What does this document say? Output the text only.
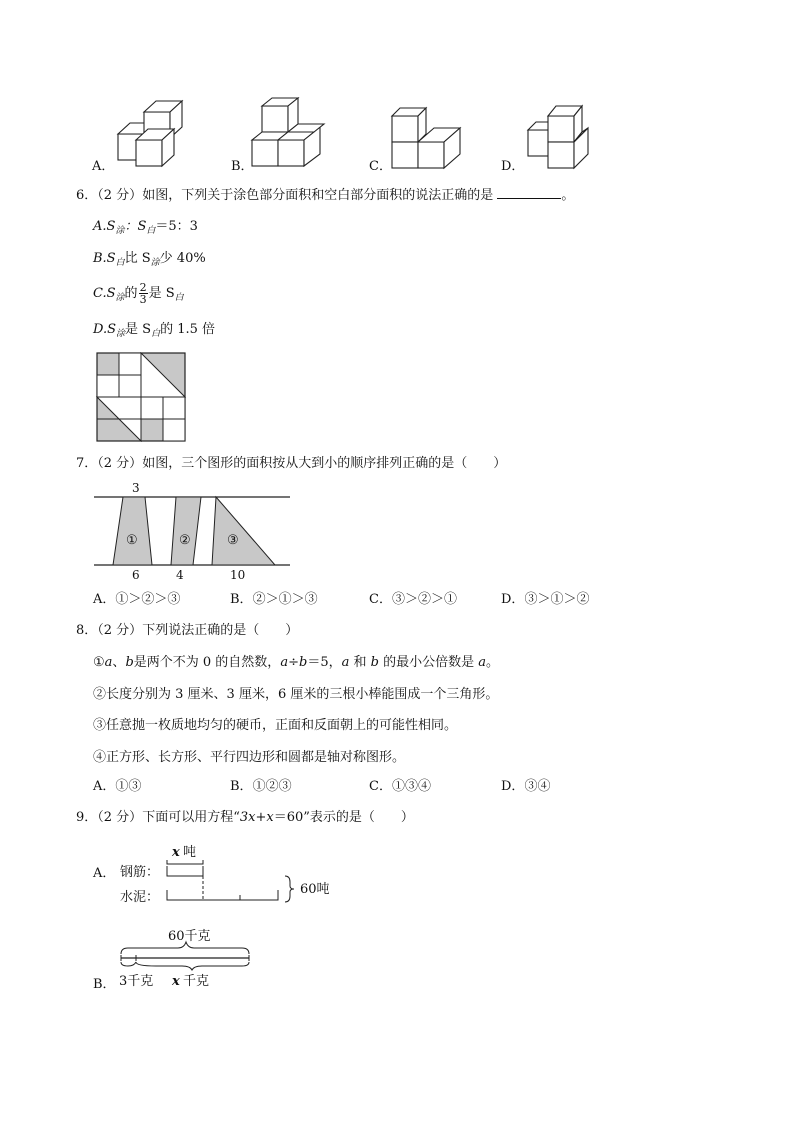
A．	B．	C．	D．
6．（2 分）如图，下列关于涂色部分面积和空白部分面积的说法正确的是	。
$A.S_涂$：$S_白=5$：3
$B.S_白$比 $S_涂$少 40%
$C.S_涂$的 $\frac{2}{3}$ 是 $S_白$
$D.S_涂$是 $S_白$的 1.5 倍
7．（2 分）如图，三个图形的面积按从大到小的顺序排列正确的是（　　）
3
①	②	③
6	4	10
A．①＞②＞③	B．②＞①＞③	C．③＞②＞①	D．③＞①＞②
8．（2 分）下列说法正确的是（　　）
①a、b是两个不为 0 的自然数，a÷b＝5，a 和 b 的最小公倍数是 a。
②长度分别为 3 厘米、3 厘米，6 厘米的三根小棒能围成一个三角形。
③任意抛一枚质地均匀的硬币，正面和反面朝上的可能性相同。
④正方形、长方形、平行四边形和圆都是轴对称图形。
A．①③	B．①②③	C．①③④	D．③④
9．（2 分）下面可以用方程“3x+x＝60”表示的是（　　）
A．
x 吨
钢筋：
水泥：
60吨
B．
60千克
3千克 x 千克
